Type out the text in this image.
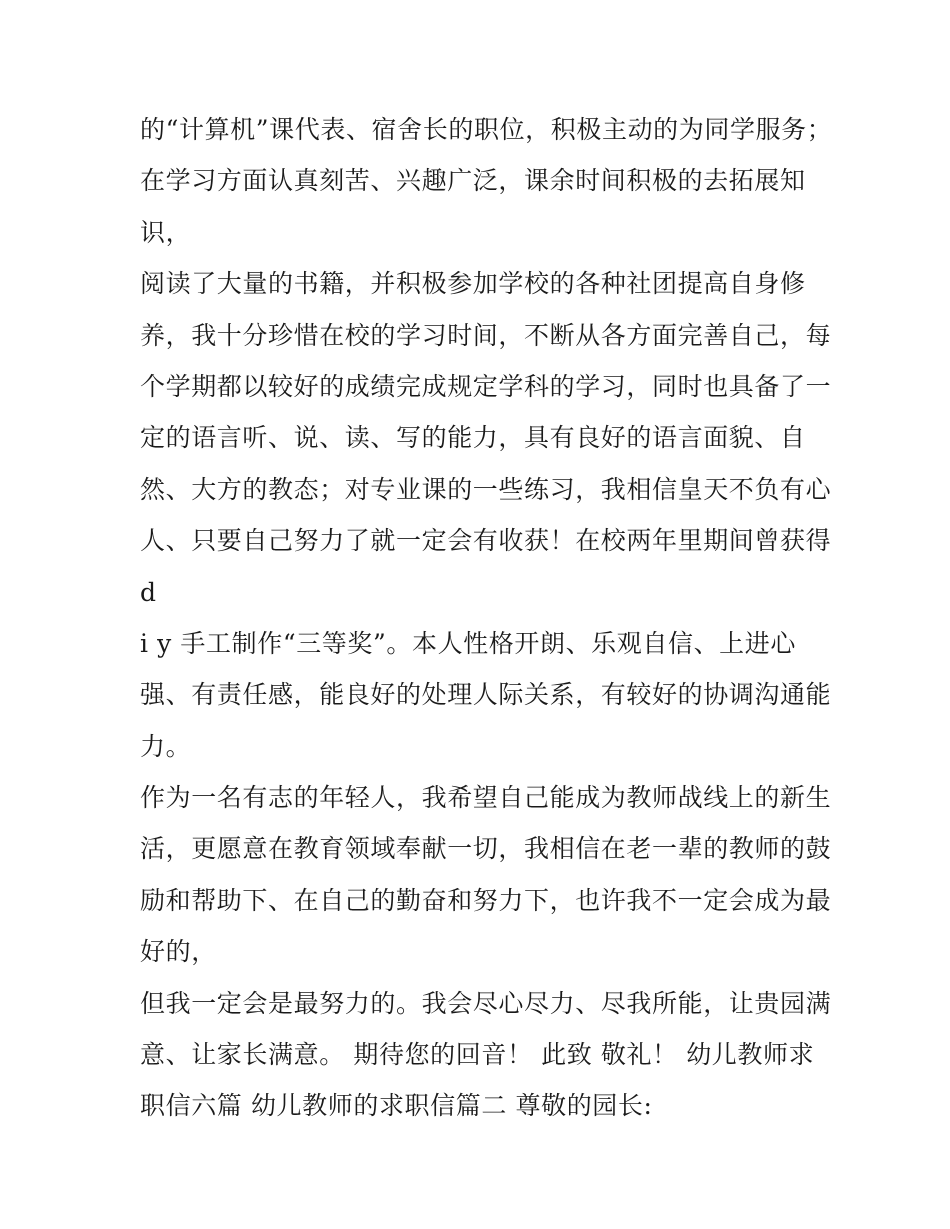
的“计算机”课代表、宿舍长的职位，积极主动的为同学服务；
在学习方面认真刻苦、兴趣广泛，课余时间积极的去拓展知
识，
阅读了大量的书籍，并积极参加学校的各种社团提高自身修
养，我十分珍惜在校的学习时间，不断从各方面完善自己，每
个学期都以较好的成绩完成规定学科的学习，同时也具备了一
定的语言听、说、读、写的能力，具有良好的语言面貌、自
然、大方的教态；对专业课的一些练习，我相信皇天不负有心
人、只要自己努力了就一定会有收获！在校两年里期间曾获得
d
i y 手工制作“三等奖”。本人性格开朗、乐观自信、上进心
强、有责任感，能良好的处理人际关系，有较好的协调沟通能
力。
作为一名有志的年轻人，我希望自己能成为教师战线上的新生
活，更愿意在教育领域奉献一切，我相信在老一辈的教师的鼓
励和帮助下、在自己的勤奋和努力下，也许我不一定会成为最
好的，
但我一定会是最努力的。我会尽心尽力、尽我所能，让贵园满
意、让家长满意。 期待您的回音！ 此致 敬礼！ 幼儿教师求
职信六篇 幼儿教师的求职信篇二 尊敬的园长:
